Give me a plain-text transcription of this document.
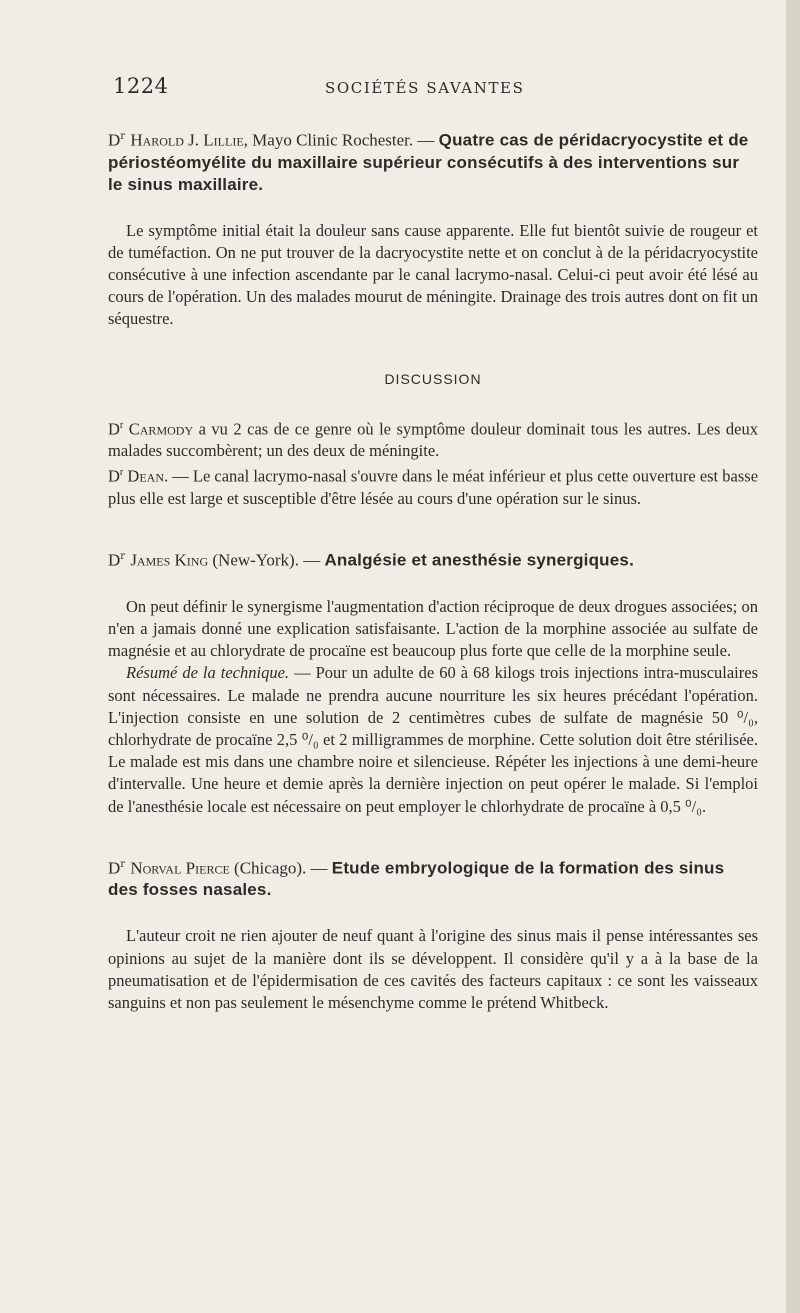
1224	SOCIÉTÉS SAVANTES

$D^r$ Harold J. Lillie, Mayo Clinic Rochester. — Quatre cas de péridacryocystite et de périostéomyélite du maxillaire supérieur consécutifs à des interventions sur le sinus maxillaire.

Le symptôme initial était la douleur sans cause apparente. Elle fut bientôt suivie de rougeur et de tuméfaction. On ne put trouver de la dacryocystite nette et on conclut à de la péridacryocystite consécutive à une infection ascendante par le canal lacrymo-nasal. Celui-ci peut avoir été lésé au cours de l'opération. Un des malades mourut de méningite. Drainage des trois autres dont on fit un séquestre.

DISCUSSION

$D^r$ Carmody a vu 2 cas de ce genre où le symptôme douleur dominait tous les autres. Les deux malades succombèrent; un des deux de méningite.

$D^r$ Dean. — Le canal lacrymo-nasal s'ouvre dans le méat inférieur et plus cette ouverture est basse plus elle est large et susceptible d'être lésée au cours d'une opération sur le sinus.

$D^r$ James King (New-York). — Analgésie et anesthésie synergiques.

On peut définir le synergisme l'augmentation d'action réciproque de deux drogues associées; on n'en a jamais donné une explication satisfaisante. L'action de la morphine associée au sulfate de magnésie et au chlorydrate de procaïne est beaucoup plus forte que celle de la morphine seule.

Résumé de la technique. — Pour un adulte de 60 à 68 kilogs trois injections intra-musculaires sont nécessaires. Le malade ne prendra aucune nourriture les six heures précédant l'opération. L'injection consiste en une solution de 2 centimètres cubes de sulfate de magnésie 50 ⁰/₀, chlorhydrate de procaïne 2,5 ⁰/₀ et 2 milligrammes de morphine. Cette solution doit être stérilisée. Le malade est mis dans une chambre noire et silencieuse. Répéter les injections à une demi-heure d'intervalle. Une heure et demie après la dernière injection on peut opérer le malade. Si l'emploi de l'anesthésie locale est nécessaire on peut employer le chlorhydrate de procaïne à 0,5 ⁰/₀.

$D^r$ Norval Pierce (Chicago). — Etude embryologique de la formation des sinus des fosses nasales.

L'auteur croit ne rien ajouter de neuf quant à l'origine des sinus mais il pense intéressantes ses opinions au sujet de la manière dont ils se développent. Il considère qu'il y a à la base de la pneumatisation et de l'épidermisation de ces cavités des facteurs capitaux : ce sont les vaisseaux sanguins et non pas seulement le mésenchyme comme le prétend Whitbeck.
